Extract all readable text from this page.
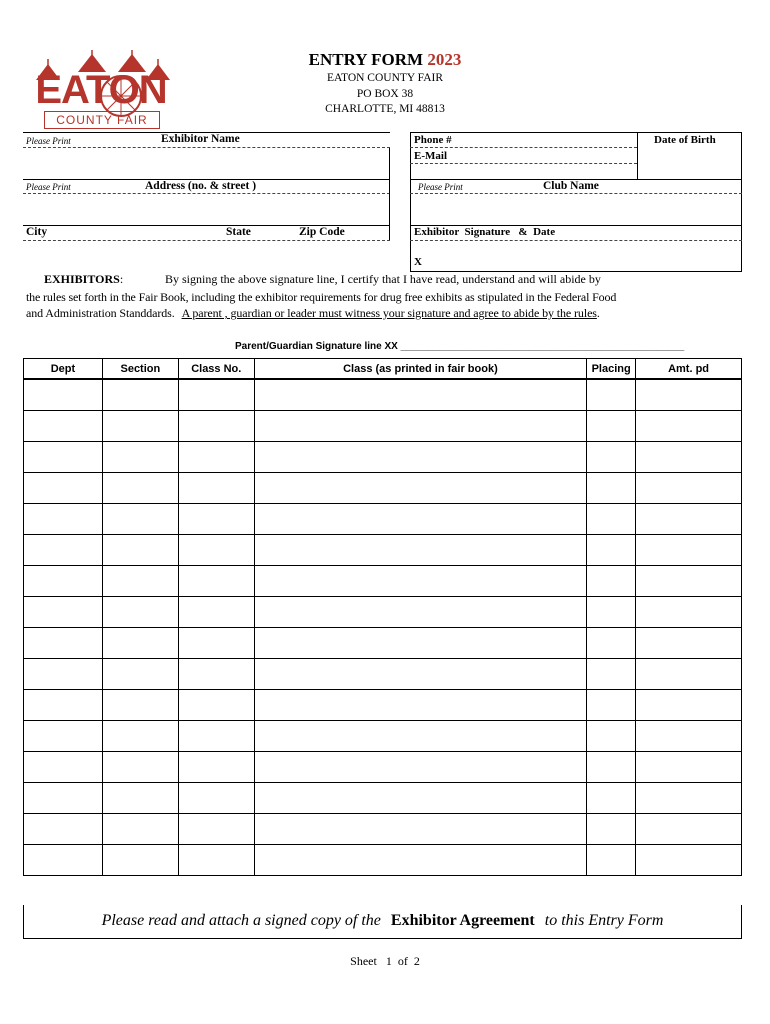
EATON
COUNTY FAIR
ENTRY FORM 2023
EATON COUNTY FAIR
PO BOX 38
CHARLOTTE, MI 48813
Please Print	Exhibitor Name
Please Print	Address (no. & street )
City	State	Zip Code
Phone #	Date of Birth
E-Mail
Please Print	Club Name
Exhibitor  Signature   &  Date
X
EXHIBITORS:	By signing the above signature line, I certify that I have read, understand and will abide by
the rules set forth in the Fair Book, including the exhibitor requirements for drug free exhibits as stipulated in the Federal Food
and Administration Standdards. A parent , guardian or leader must witness your signature and agree to abide by the rules.
Parent/Guardian Signature line XX ___________________________________________________
Dept	Section	Class No.	Class (as printed in fair book)	Placing	Amt. pd

Please read and attach a signed copy of the Exhibitor Agreement to this Entry Form
Sheet   1  of  2
